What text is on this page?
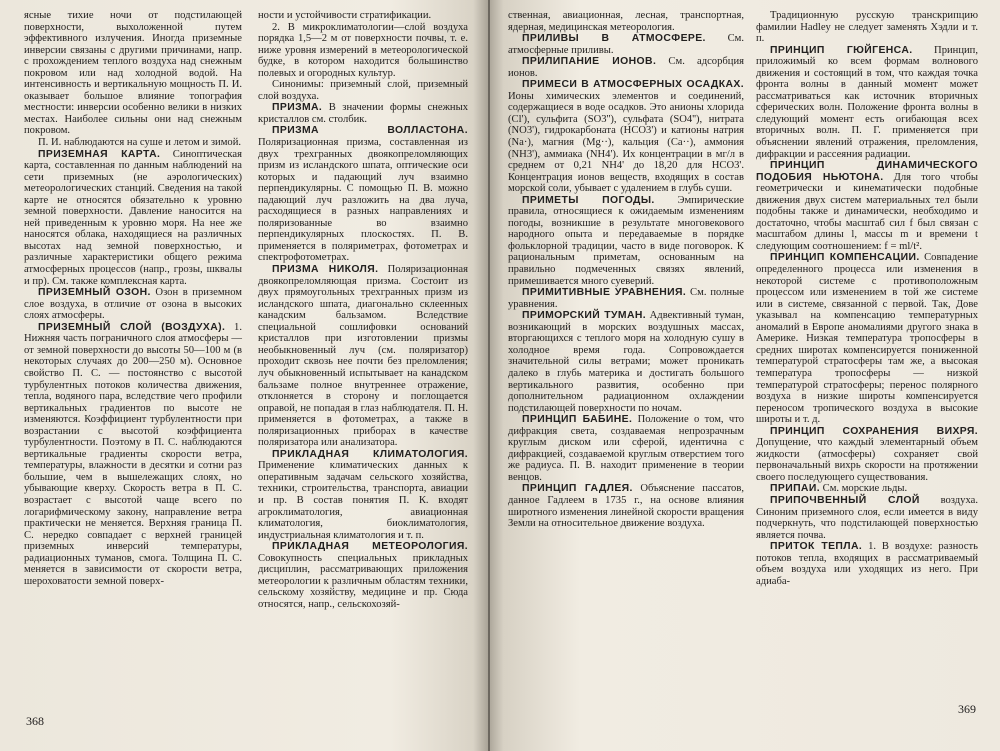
ясные тихие ночи от подстилающей поверхности, выхоложенной путем эффективного излучения. Иногда приземные инверсии связаны с другими причинами, напр. с прохождением теплого воздуха над снежным покровом или над холодной водой. На интенсивность и вертикальную мощность П. И. оказывает большое влияние топография местности: инверсии особенно велики в низких местах. Наиболее сильны они над снежным покровом.

П. И. наблюдаются на суше и летом и зимой.

ПРИЗЕМНАЯ КАРТА. Синоптическая карта, составленная по данным наблюдений на сети приземных (не аэрологических) метеорологических станций. Сведения на такой карте не относятся обязательно к уровню земной поверхности. Давление наносится на ней приведенным к уровню моря. На нее же наносятся облака, находящиеся на различных высотах над земной поверхностью, и различные характеристики общего режима атмосферных процессов (напр., грозы, шквалы и пр). См. также комплексная карта.

ПРИЗЕМНЫЙ ОЗОН. Озон в приземном слое воздуха, в отличие от озона в высоких слоях атмосферы.

ПРИЗЕМНЫЙ СЛОЙ (ВОЗДУХА). 1. Нижняя часть пограничного слоя атмосферы — от земной поверхности до высоты 50—100 м (в некоторых случаях до 200—250 м). Основное свойство П. С. — постоянство с высотой турбулентных потоков количества движения, тепла, водяного пара, вследствие чего профили вертикальных градиентов по высоте не изменяются. Коэффициент турбулентности при возрастании с высотой коэффициента турбулентности. Поэтому в П. С. наблюдаются вертикальные градиенты скорости ветра, температуры, влажности в десятки и сотни раз большие, чем в вышележащих слоях, но убывающие кверху. Скорость ветра в П. С. возрастает с высотой чаще всего по логарифмическому закону, направление ветра практически не меняется. Верхняя граница П. С. нередко совпадает с верхней границей приземных инверсий температуры, радиационных туманов, смога. Толщина П. С. меняется в зависимости от скорости ветра, шероховатости земной поверх-

ности и устойчивости стратификации.

2. В микроклиматологии—слой воздуха порядка 1,5—2 м от поверхности почвы, т. е. ниже уровня измерений в метеорологической будке, в котором находится большинство полевых и огородных культур.

Синонимы: приземный слой, приземный слой воздуха.

ПРИЗМА. В значении формы снежных кристаллов см. столбик.

ПРИЗМА ВОЛЛАСТОНА. Поляризационная призма, составленная из двух трехгранных двоякопреломляющих призм из исландского шпата, оптические оси которых и падающий луч взаимно перпендикулярны. С помощью П. В. можно падающий луч разложить на два луча, расходящиеся в разных направлениях и поляризованные во взаимно перпендикулярных плоскостях. П. В. применяется в поляриметрах, фотометрах и спектрофотометрах.

ПРИЗМА НИКОЛЯ. Поляризационная двоякопреломляющая призма. Состоит из двух прямоугольных трехгранных призм из исландского шпата, диагонально склеенных канадским бальзамом. Вследствие специальной сошлифовки оснований кристаллов при изготовлении призмы необыкновенный луч (см. поляризатор) проходит сквозь нее почти без преломления; луч обыкновенный испытывает на канадском бальзаме полное внутреннее отражение, отклоняется в сторону и поглощается оправой, не попадая в глаз наблюдателя. П. Н. применяется в фотометрах, а также в поляризационных приборах в качестве поляризатора или анализатора.

ПРИКЛАДНАЯ КЛИМАТОЛОГИЯ. Применение климатических данных к оперативным задачам сельского хозяйства, техники, строительства, транспорта, авиации и пр. В состав понятия П. К. входят агроклиматология, авиационная климатология, биоклиматология, индустриальная климатология и т. п.

ПРИКЛАДНАЯ МЕТЕОРОЛОГИЯ. Совокупность специальных прикладных дисциплин, рассматривающих приложения метеорологии к различным областям техники, сельскому хозяйству, медицине и пр. Сюда относятся, напр., сельскохозяй-

368

ственная, авиационная, лесная, транспортная, ядерная, медицинская метеорология.

ПРИЛИВЫ В АТМОСФЕРЕ. См. атмосферные приливы.

ПРИЛИПАНИЕ ИОНОВ. См. адсорбция ионов.

ПРИМЕСИ В АТМОСФЕРНЫХ ОСАДКАХ. Ионы химических элементов и соединений, содержащиеся в воде осадков. Это анионы хлорида (Cl'), сульфита (SO3''), сульфата (SO4''), нитрата (NO3'), гидрокарбоната (HCO3') и катионы натрия (Na·), магния (Mg··), кальция (Ca··), аммония (NH3'), аммиака (NH4'). Их концентрации в мг/л в среднем от 0,21 NH4' до 18,20 для HCO3'. Концентрация ионов веществ, входящих в состав морской соли, убывает с удалением в глубь суши.

ПРИМЕТЫ ПОГОДЫ. Эмпирические правила, относящиеся к ожидаемым изменениям погоды, возникшие в результате многовекового народного опыта и передаваемые в порядке фольклорной традиции, часто в виде поговорок. К рациональным приметам, основанным на правильно подмеченных связях явлений, примешивается много суеверий.

ПРИМИТИВНЫЕ УРАВНЕНИЯ. См. полные уравнения.

ПРИМОРСКИЙ ТУМАН. Адвективный туман, возникающий в морских воздушных массах, вторгающихся с теплого моря на холодную сушу в холодное время года. Сопровождается значительной силы ветрами; может проникать далеко в глубь материка и достигать большого вертикального развития, особенно при дополнительном радиационном охлаждении подстилающей поверхности по ночам.

ПРИНЦИП БАБИНЕ. Положение о том, что дифракция света, создаваемая непрозрачным круглым диском или сферой, идентична с дифракцией, создаваемой круглым отверстием того же радиуса. П. В. находит применение в теории венцов.

ПРИНЦИП ГАДЛЕЯ. Объяснение пассатов, данное Гадлеем в 1735 г., на основе влияния широтного изменения линейной скорости вращения Земли на относительное движение воздуха.

Традиционную русскую транскрипцию фамилии Hadley не следует заменять Хэдли и т. п.

ПРИНЦИП ГЮЙГЕНСА. Принцип, приложимый ко всем формам волнового движения и состоящий в том, что каждая точка фронта волны в данный момент может рассматриваться как источник вторичных сферических волн. Положение фронта волны в следующий момент есть огибающая всех вторичных волн. П. Г. применяется при объяснении явлений отражения, преломления, дифракции и рассеяния радиации.

ПРИНЦИП ДИНАМИЧЕСКОГО ПОДОБИЯ НЬЮТОНА. Для того чтобы геометрически и кинематически подобные движения двух систем материальных тел были подобны также и динамически, необходимо и достаточно, чтобы масштаб сил f был связан с масштабом длины l, массы m и времени t следующим соотношением: f = ml/t².

ПРИНЦИП КОМПЕНСАЦИИ. Совпадение определенного процесса или изменения в некоторой системе с противоположным процессом или изменением в той же системе или в системе, связанной с первой. Так, Дове указывал на компенсацию температурных аномалий в Европе аномалиями другого знака в Америке. Низкая температура тропосферы в средних широтах компенсируется пониженной температурой стратосферы там же, а высокая температура тропосферы — низкой температурой стратосферы; перенос полярного воздуха в низкие широты компенсируется переносом тропического воздуха в высокие широты и т. д.

ПРИНЦИП СОХРАНЕНИЯ ВИХРЯ. Допущение, что каждый элементарный объем жидкости (атмосферы) сохраняет свой первоначальный вихрь скорости на протяжении своего последующего существования.

ПРИПАИ. См. морские льды.

ПРИПОЧВЕННЫЙ СЛОЙ воздуха. Синоним приземного слоя, если имеется в виду подчеркнуть, что подстилающей поверхностью является почва.

ПРИТОК ТЕПЛА. 1. В воздухе: разность потоков тепла, входящих в рассматриваемый объем воздуха или уходящих из него. При адиаба-

369
